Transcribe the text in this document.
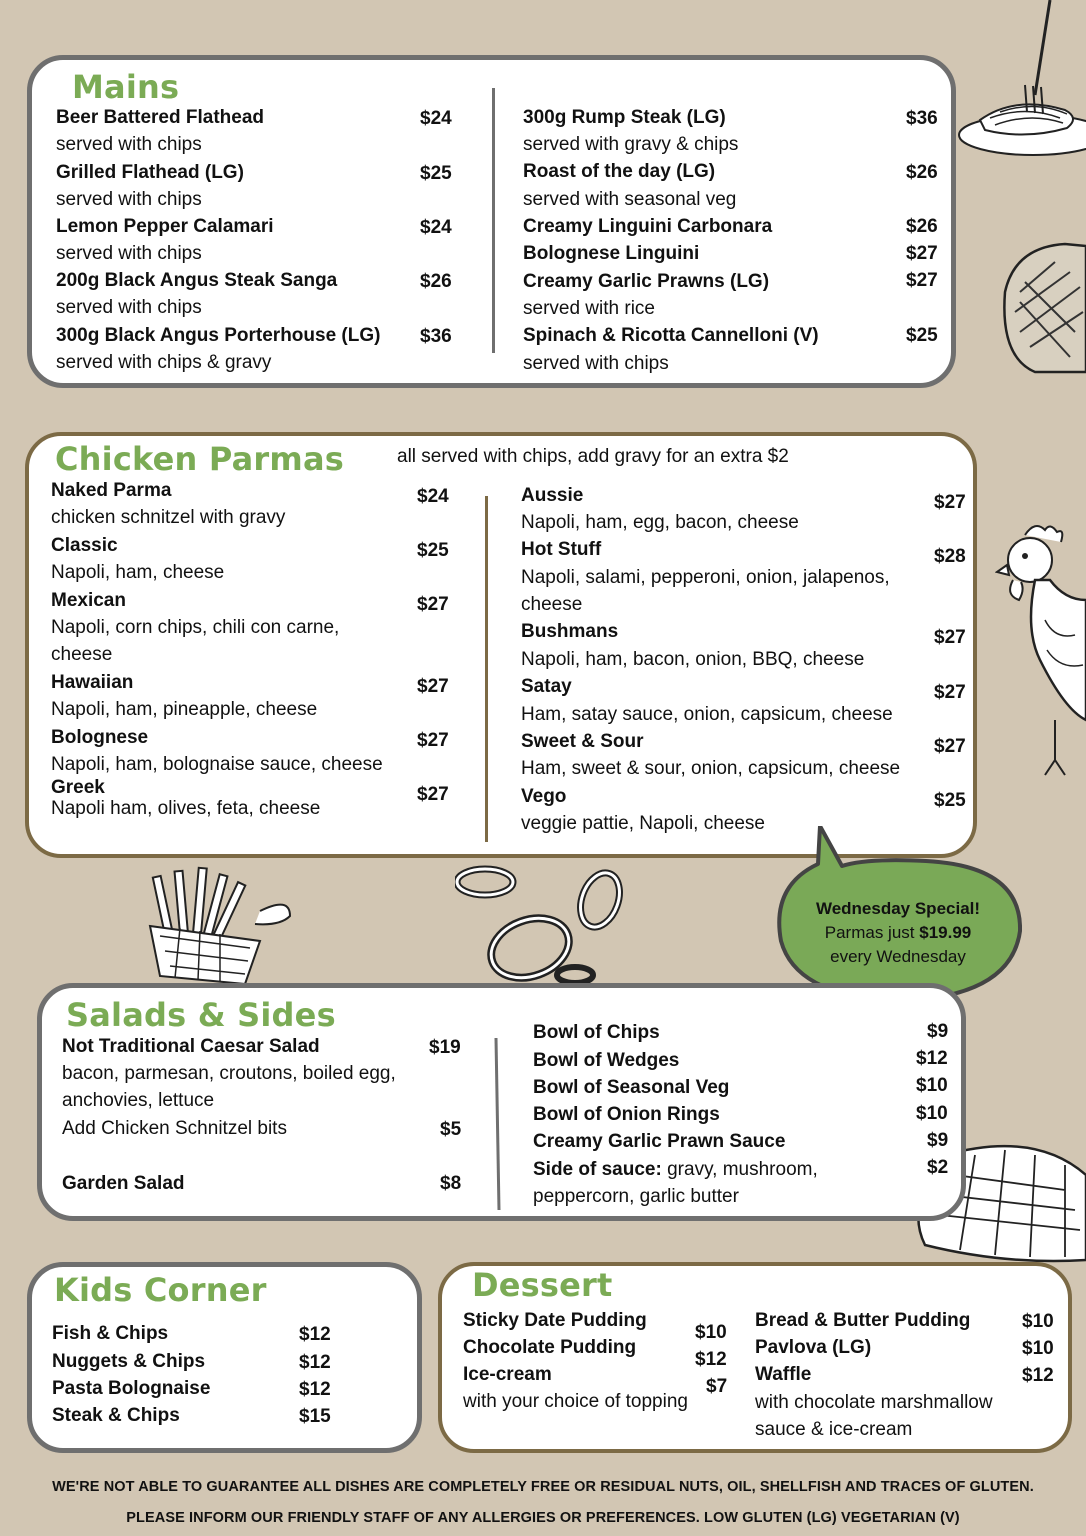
Mains
Beer Battered Flathead	$24
served with chips
Grilled Flathead (LG)	$25
served with chips
Lemon Pepper Calamari	$24
served with chips
200g Black Angus Steak Sanga	$26
served with chips
300g Black Angus Porterhouse (LG) $36
served with chips & gravy
300g Rump Steak (LG)	$36
served with gravy & chips
Roast of the day (LG)	$26
served with seasonal veg
Creamy Linguini Carbonara	$26
Bolognese Linguini	$27
Creamy Garlic Prawns (LG)	$27
served with rice
Spinach & Ricotta Cannelloni (V)	$25
served with chips
Chicken Parmas	all served with chips, add gravy for an extra $2
Naked Parma	$24
chicken schnitzel with gravy
Classic	$25
Napoli, ham, cheese
Mexican	$27
Napoli, corn chips, chili con carne,
cheese
Hawaiian	$27
Napoli, ham, pineapple, cheese
Bolognese	$27
Napoli, ham, bolognaise sauce, cheese
Greek	$27
Napoli ham, olives, feta, cheese
Aussie	$27
Napoli, ham, egg, bacon, cheese
Hot Stuff	$28
Napoli, salami, pepperoni, onion, jalapenos,
cheese
Bushmans	$27
Napoli, ham, bacon, onion, BBQ, cheese
Satay	$27
Ham, satay sauce, onion, capsicum, cheese
Sweet & Sour	$27
Ham, sweet & sour, onion, capsicum, cheese
Vego	$25
veggie pattie, Napoli, cheese
Wednesday Special!
Parmas just $19.99
every Wednesday
Salads & Sides
Not Traditional Caesar Salad	$19
bacon, parmesan, croutons, boiled egg,
anchovies, lettuce
Add Chicken Schnitzel bits	$5
Garden Salad	$8
Bowl of Chips	$9
Bowl of Wedges	$12
Bowl of Seasonal Veg	$10
Bowl of Onion Rings	$10
Creamy Garlic Prawn Sauce	$9
Side of sauce: gravy, mushroom,
peppercorn, garlic butter
$2
Kids Corner
Fish & Chips	$12
Nuggets & Chips	$12
Pasta Bolognaise	$12
Steak & Chips	$15
Dessert
Sticky Date Pudding
$10
Chocolate Pudding
$12
Ice-cream
$7
with your choice of topping
Bread & Butter Pudding	$10
Pavlova (LG)	$10
Waffle	$12
with chocolate marshmallow
sauce & ice-cream
WE'RE NOT ABLE TO GUARANTEE ALL DISHES ARE COMPLETELY FREE OR RESIDUAL NUTS, OIL, SHELLFISH AND TRACES OF GLUTEN.
PLEASE INFORM OUR FRIENDLY STAFF OF ANY ALLERGIES OR PREFERENCES. LOW GLUTEN (LG) VEGETARIAN (V)
